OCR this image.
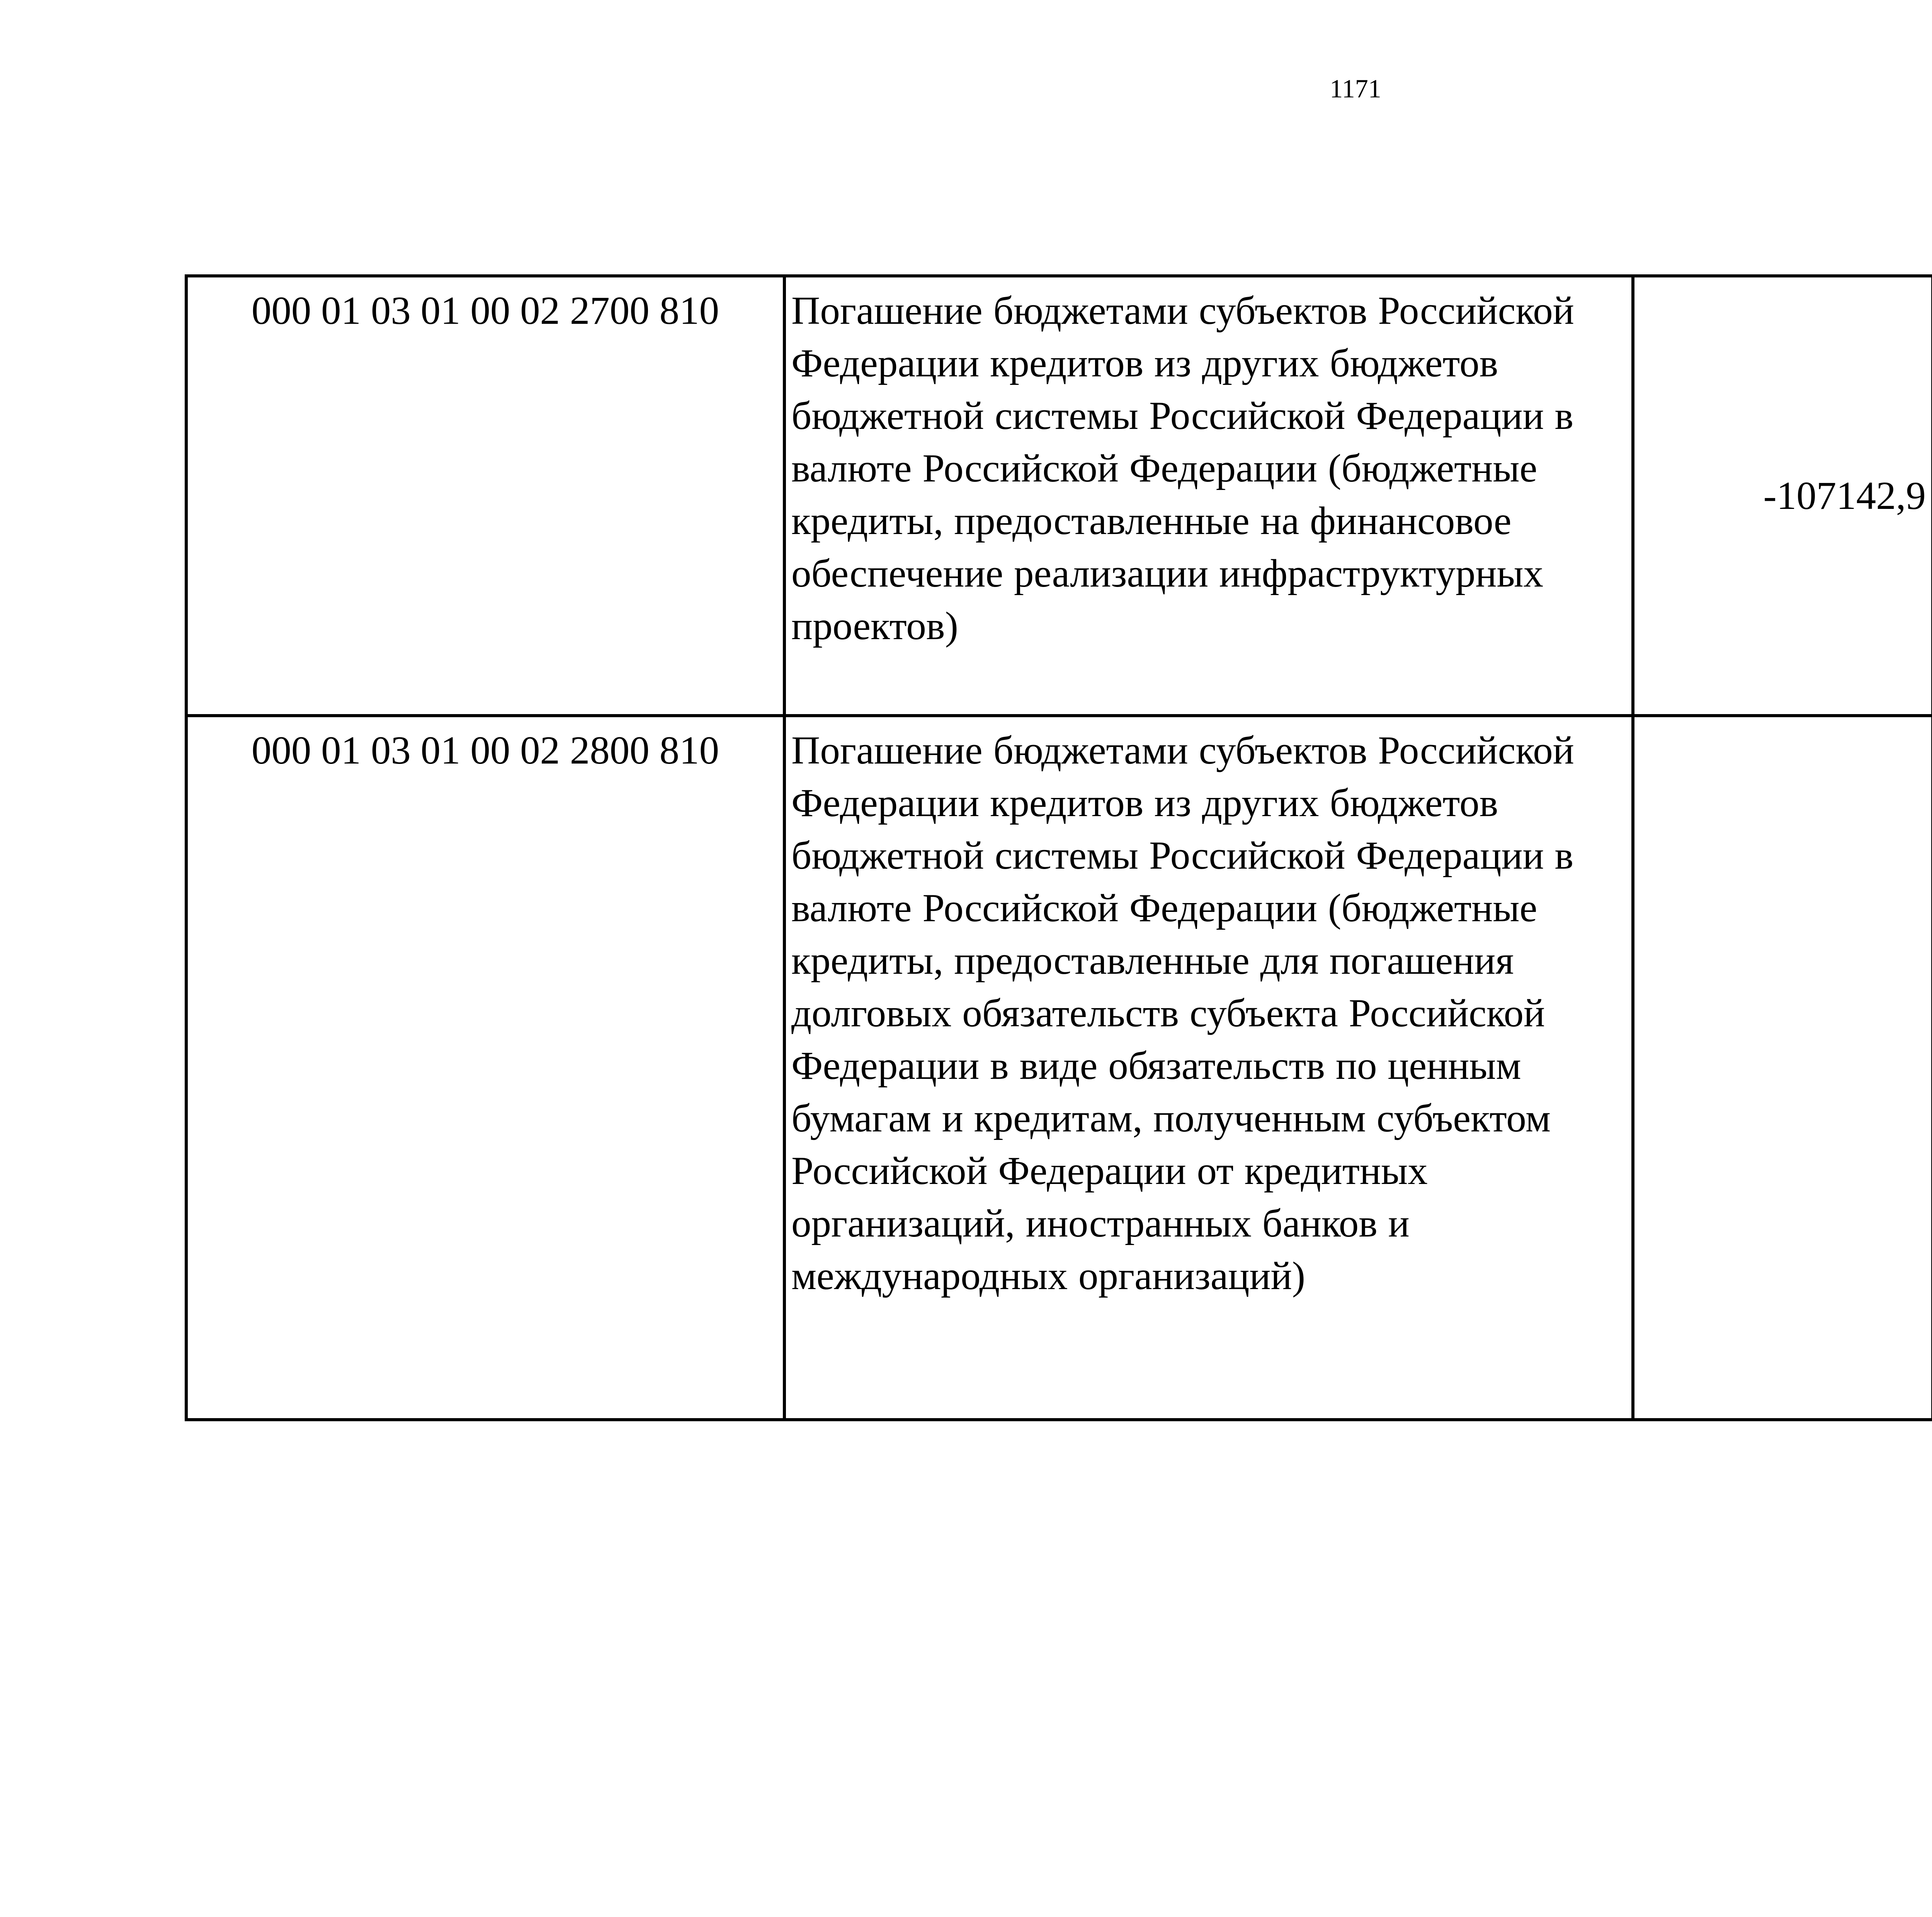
1171
000 01 03 01 00 02 2700 810	Погашение бюджетами субъектов Российской Федерации кредитов из других бюджетов бюджетной системы Российской Федерации в валюте Российской Федерации (бюджетные кредиты, предоставленные на финансовое обеспечение реализации инфраструктурных проектов)	-107142,9		
000 01 03 01 00 02 2800 810	Погашение бюджетами субъектов Российской Федерации кредитов из других бюджетов бюджетной системы Российской Федерации в валюте Российской Федерации (бюджетные кредиты, предоставленные для погашения долговых обязательств субъекта Российской Федерации в виде обязательств по ценным бумагам и кредитам, полученным субъектом Российской Федерации от кредитных организаций, иностранных банков и международных организаций)			
